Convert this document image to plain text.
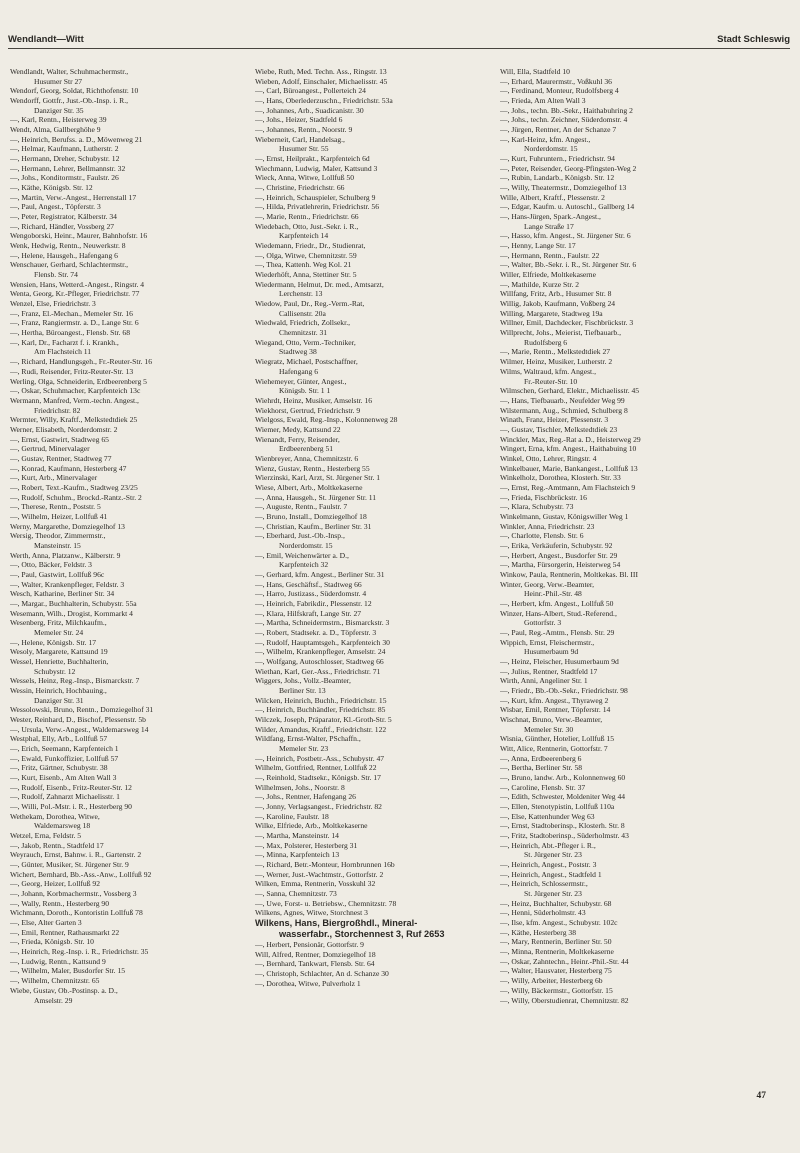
Wendlandt—Witt	Stadt Schleswig
Wendlandt, Walter, Schuhmachermstr.,
Husumer Str 27
Wendorf, Georg, Soldat, Richthofenstr. 10
Wendorff, Gottfr., Just.-Ob.-Insp. i. R.,
Danziger Str. 35
—, Karl, Rentn., Heisterweg 39
Wendt, Alma, Gallberghöhe 9
—, Heinrich, Berufss. a. D., Möwenweg 21
—, Helmar, Kaufmann, Lutherstr. 2
—, Hermann, Dreher, Schubystr. 12
—, Hermann, Lehrer, Bellmannstr. 32
—, Johs., Konditormstr., Faulstr. 26
—, Käthe, Königsb. Str. 12
—, Martin, Verw.-Angest., Herrenstall 17
—, Paul, Angest., Töpferstr. 3
—, Peter, Registrator, Kälberstr. 34
—, Richard, Händler, Vossberg 27
Wengoborski, Heinr., Maurer, Bahnhofstr. 16
Wenk, Hedwig, Rentn., Neuwerkstr. 8
—, Helene, Hausgeh., Hafengang 6
Wenschauer, Gerhard, Schlachtermstr.,
Flensb. Str. 74
Wensien, Hans, Wetterd.-Angest., Ringstr. 4
Wenta, Georg, Kr.-Pfleger, Friedrichstr. 77
Wenzel, Else, Friedrichstr. 3
—, Franz, El.-Mechan., Memeler Str. 16
—, Franz, Rangiermstr. a. D., Lange Str. 6
—, Hertha, Büroangest., Flensb. Str. 68
—, Karl, Dr., Facharzt f. i. Krankh.,
Am Flachsteich 11
—, Richard, Handlungsgeh., Fr.-Reuter-Str. 16
—, Rudi, Reisender, Fritz-Reuter-Str. 13
Werling, Olga, Schneiderin, Erdbeerenberg 5
—, Oskar, Schuhmacher, Karpfenteich 13c
Wermann, Manfred, Verm.-techn. Angest.,
Friedrichstr. 82
Wermter, Willy, Kraftf., Melkstedtdiek 25
Werner, Elisabeth, Norderdomstr. 2
—, Ernst, Gastwirt, Stadtweg 65
—, Gertrud, Minervalager
—, Gustav, Rentner, Stadtweg 77
—, Konrad, Kaufmann, Hesterberg 47
—, Kurt, Arb., Minervalager
—, Robert, Text.-Kaufm., Stadtweg 23/25
—, Rudolf, Schuhm., Brockd.-Rantz.-Str. 2
—, Therese, Rentn., Poststr. 5
—, Wilhelm, Heizer, Lollfuß 41
Werny, Margarethe, Domziegelhof 13
Wersig, Theodor, Zimmermstr.,
Mansteinstr. 15
Werth, Anna, Platzanw., Kälberstr. 9
—, Otto, Bäcker, Feldstr. 3
—, Paul, Gastwirt, Lollfuß 96c
—, Walter, Krankenpfleger, Feldstr. 3
Wesch, Katharine, Berliner Str. 34
—, Margar., Buchhalterin, Schubystr. 55a
Wesemann, Wilh., Drogist, Kornmarkt 4
Wesenberg, Fritz, Milchkaufm.,
Memeler Str. 24
—, Helene, Königsb. Str. 17
Wesoly, Margarete, Kattsund 19
Wessel, Henriette, Buchhalterin,
Schubystr. 12
Wessels, Heinz, Reg.-Insp., Bismarckstr. 7
Wessin, Heinrich, Hochbauing.,
Danziger Str. 31
Wessolowski, Bruno, Rentn., Domziegelhof 31
Wester, Reinhard, D., Bischof, Plessenstr. 5b
—, Ursula, Verw.-Angest., Waldemarsweg 14
Westphal, Elly, Arb., Lollfuß 57
—, Erich, Seemann, Karpfenteich 1
—, Ewald, Funkoffizier, Lollfuß 57
—, Fritz, Gärtner, Schubystr. 38
—, Kurt, Eisenb., Am Alten Wall 3
—, Rudolf, Eisenb., Fritz-Reuter-Str. 12
—, Rudolf, Zahnarzt Michaelisstr. 1
—, Willi, Pol.-Mstr. i. R., Hesterberg 90
Wethekam, Dorothea, Witwe,
Waldemarsweg 18
Wetzel, Erna, Feldstr. 5
—, Jakob, Rentn., Stadtfeld 17
Weyrauch, Ernst, Bahnw. i. R., Gartenstr. 2
—, Günter, Musiker, St. Jürgener Str. 9
Wichert, Bernhard, Bb.-Ass.-Anw., Lollfuß 92
—, Georg, Heizer, Lollfuß 92
—, Johann, Korbmachermstr., Vossberg 3
—, Wally, Rentn., Hesterberg 90
Wichmann, Doroth., Kontoristin Lollfuß 78
—, Else, Alter Garten 3
—, Emil, Rentner, Rathausmarkt 22
—, Frieda, Königsb. Str. 10
—, Heinrich, Reg.-Insp. i. R., Friedrichstr. 35
—, Ludwig, Rentn., Kattsund 9
—, Wilhelm, Maler, Busdorfer Str. 15
—, Wilhelm, Chemnitzstr. 65
Wiebe, Gustav, Ob.-Postinsp. a. D.,
Amselstr. 29
Wiebe, Ruth, Med. Techn. Ass., Ringstr. 13
Wieben, Adolf, Einschaler, Michaelisstr. 45
—, Carl, Büroangest., Pollerteich 24
—, Hans, Oberlederzuschn., Friedrichstr. 53a
—, Johannes, Arb., Suadicanistr. 30
—, Johs., Heizer, Stadtfeld 6
—, Johannes, Rentn., Noorstr. 9
Wieberneit, Carl, Handelsag.,
Husumer Str. 55
—, Ernst, Heilprakt., Karpfenteich 6d
Wiechmann, Ludwig, Maler, Kattsund 3
Wieck, Anna, Witwe, Lollfuß 50
—, Christine, Friedrichstr. 66
—, Heinrich, Schauspieler, Schulberg 9
—, Hilda, Privatlehrerin, Friedrichstr. 56
—, Marie, Rentn., Friedrichstr. 66
Wiedebach, Otto, Just.-Sekr. i. R.,
Karpfenteich 14
Wiedemann, Friedr., Dr., Studienrat,
—, Olga, Witwe, Chemnitzstr. 59
—, Thea, Kattenh. Weg Kol. 21
Wiederhöft, Anna, Stettiner Str. 5
Wiedermann, Helmut, Dr. med., Amtsarzt,
Lerchenstr. 13
Wiedow, Paul, Dr., Reg.-Verm.-Rat,
Callisenstr. 20a
Wiedwald, Friedrich, Zollsekr.,
Chemnitzstr. 31
Wiegand, Otto, Verm.-Techniker,
Stadtweg 38
Wiegratz, Michael, Postschaffner,
Hafengang 6
Wiehemeyer, Günter, Angest.,
Königsb. Str. 1 1
Wiehrdt, Heinz, Musiker, Amselstr. 16
Wiekhorst, Gertrud, Friedrichstr. 9
Wielgoss, Ewald, Reg.-Insp., Kolonnenweg 28
Wiemer, Medy, Kattsund 22
Wienandt, Ferry, Reisender,
Erdbeerenberg 51
Wienbreyer, Anna, Chemnitzstr. 6
Wienz, Gustav, Rentn., Hesterberg 55
Wierzinski, Karl, Arzt, St. Jürgener Str. 1
Wiese, Albert, Arb., Moltkekaserne
—, Anna, Hausgeh., St. Jürgener Str. 11
—, Auguste, Rentn., Faulstr. 7
—, Bruno, Install., Domziegelhof 18
—, Christian, Kaufm., Berliner Str. 31
—, Eberhard, Just.-Ob.-Insp.,
Norderdomstr. 15
—, Emil, Weichenwärter a. D.,
Karpfenteich 32
—, Gerhard, kfm. Angest., Berliner Str. 31
—, Hans, Geschäftsf., Stadtweg 66
—, Harro, Justizass., Süderdomstr. 4
—, Heinrich, Fabrikdir., Plessenstr. 12
—, Klara, Hilfskraft, Lange Str. 27
—, Martha, Schneidermstrn., Bismarckstr. 3
—, Robert, Stadtsekr. a. D., Töpferstr. 3
—, Rudolf, Hauptamtsgeh., Karpfenteich 30
—, Wilhelm, Krankenpfleger, Amselstr. 24
—, Wolfgang, Autoschlosser, Stadtweg 66
Wiethan, Karl, Ger.-Ass., Friedrichstr. 71
Wiggers, Johs., Vollz.-Beamter,
Berliner Str. 13
Wilcken, Heinrich, Buchh., Friedrichstr. 15
—, Heinrich, Buchhändler, Friedrichstr. 85
Wilczek, Joseph, Präparator, Kl.-Groth-Str. 5
Wilder, Amandus, Kraftf., Friedrichstr. 122
Wildfang, Ernst-Walter, PSchaffn.,
Memeler Str. 23
—, Heinrich, Postbetr.-Ass., Schubystr. 47
Wilhelm, Gottfried, Rentner, Lollfuß 22
—, Reinhold, Stadtsekr., Königsb. Str. 17
Wilhelmsen, Johs., Noorstr. 8
—, Johs., Rentner, Hafengang 26
—, Jonny, Verlagsangest., Friedrichstr. 82
—, Karoline, Faulstr. 18
Wilke, Elfriede, Arb., Moltkekaserne
—, Martha, Mansteinstr. 14
—, Max, Polsterer, Hesterberg 31
—, Minna, Karpfenteich 13
—, Richard, Betr.-Monteur, Hornbrunnen 16b
—, Werner, Just.-Wachtmstr., Gottorfstr. 2
Wilken, Emma, Rentnerin, Vosskuhl 32
—, Sanna, Chemnitzstr. 73
—, Uwe, Forst- u. Betriebsw., Chemnitzstr. 78
Wilkens, Agnes, Witwe, Storchnest 3
Wilkens, Hans, Biergroßhdl., Mineral-
wasserfabr., Storchennest 3, Ruf 2653
—, Herbert, Pensionär, Gottorfstr. 9
Will, Alfred, Rentner, Domziegelhof 18
—, Bernhard, Tankwart, Flensb. Str. 64
—, Christoph, Schlachter, An d. Schanze 30
—, Dorothea, Witwe, Pulverholz 1
Will, Ella, Stadtfeld 10
—, Erhard, Maurermstr., Voßkuhl 36
—, Ferdinand, Monteur, Rudolfsberg 4
—, Frieda, Am Alten Wall 3
—, Johs., techn. Bb.-Sekr., Haithabuhring 2
—, Johs., techn. Zeichner, Süderdomstr. 4
—, Jürgen, Rentner, An der Schanze 7
—, Karl-Heinz, kfm. Angest.,
Norderdomstr. 15
—, Kurt, Fuhruntern., Friedrichstr. 94
—, Peter, Reisender, Georg-Pfingsten-Weg 2
—, Rubin, Landarb., Königsb. Str. 12
—, Willy, Theatermstr., Domziegelhof 13
Wille, Albert, Kraftf., Plessenstr. 2
—, Edgar, Kaufm. u. Autoschl., Gallberg 14
—, Hans-Jürgen, Spark.-Angest.,
Lange Straße 17
—, Hasso, kfm. Angest., St. Jürgener Str. 6
—, Henny, Lange Str. 17
—, Hermann, Rentn., Faulstr. 22
—, Walter, Bb.-Sekr. i. R., St. Jürgener Str. 6
Willer, Elfriede, Moltkekaserne
—, Mathilde, Kurze Str. 2
Willfang, Fritz, Arb., Husumer Str. 8
Willig, Jakob, Kaufmann, Voßberg 24
Willing, Margarete, Stadtweg 19a
Willner, Emil, Dachdecker, Fischbrückstr. 3
Willprecht, Johs., Meierist, Tiefbauarb.,
Rudolfsberg 6
—, Marie, Rentn., Melkstedtdiek 27
Wilmer, Heinz, Musiker, Lutherstr. 2
Wilms, Waltraud, kfm. Angest.,
Fr.-Reuter-Str. 10
Wilmschen, Gerhard, Elektr., Michaelisstr. 45
—, Hans, Tiefbauarb., Neufelder Weg 99
Wilstermann, Aug., Schmied, Schulberg 8
Winath, Franz, Heizer, Plessenstr. 3
—, Gustav, Tischler, Melkstedtdiek 23
Winckler, Max, Reg.-Rat a. D., Heisterweg 29
Wingert, Erna, kfm. Angest., Haithabuing 10
Winkel, Otto, Lehrer, Ringstr. 4
Winkelbauer, Marie, Bankangest., Lollfuß 13
Winkelholz, Dorothea, Klosterh. Str. 33
—, Ernst, Reg.-Amtmann, Am Flachsteich 9
—, Frieda, Fischbrückstr. 16
—, Klara, Schubystr. 73
Winkelmann, Gustav, Königswiller Weg 1
Winkler, Anna, Friedrichstr. 23
—, Charlotte, Flensb. Str. 6
—, Erika, Verkäuferin, Schubystr. 92
—, Herbert, Angest., Busdorfer Str. 29
—, Martha, Fürsorgerin, Heisterweg 54
Winkow, Paula, Rentnerin, Moltkekas. Bl. III
Winter, Georg, Verw.-Beamter,
Heinr.-Phil.-Str. 48
—, Herbert, kfm. Angest., Lollfuß 50
Winzer, Hans-Albert, Stud.-Referend.,
Gottorfstr. 3
—, Paul, Reg.-Amtm., Flensb. Str. 29
Wippich, Ernst, Fleischermstr.,
Husumerbaum 9d
—, Heinz, Fleischer, Husumerbaum 9d
—, Julius, Rentner, Stadtfeld 17
Wirth, Anni, Angeliner Str. 1
—, Friedr., Bb.-Ob.-Sekr., Friedrichstr. 98
—, Kurt, kfm. Angest., Thyraweg 2
Wisbar, Emil, Rentner, Töpferstr. 14
Wischnat, Bruno, Verw.-Beamter,
Memeler Str. 30
Wisnia, Günther, Hotelier, Lollfuß 15
Witt, Alice, Rentnerin, Gottorfstr. 7
—, Anna, Erdbeerenberg 6
—, Bertha, Berliner Str. 58
—, Bruno, landw. Arb., Kolonnenweg 60
—, Caroline, Flensb. Str. 37
—, Edith, Schwester, Moldeniter Weg 44
—, Ellen, Stenotypistin, Lollfuß 110a
—, Else, Kattenhunder Weg 63
—, Ernst, Stadtoberinsp., Klosterh. Str. 8
—, Fritz, Stadtoberinsp., Süderholmstr. 43
—, Heinrich, Abt.-Pfleger i. R.,
St. Jürgener Str. 23
—, Heinrich, Angest., Poststr. 3
—, Heinrich, Angest., Stadtfeld 1
—, Heinrich, Schlossermstr.,
St. Jürgener Str. 23
—, Heinz, Buchhalter, Schubystr. 68
—, Henni, Süderholmstr. 43
—, Ilse, kfm. Angest., Schubystr. 102c
—, Käthe, Hesterberg 38
—, Mary, Rentnerin, Berliner Str. 50
—, Minna, Rentnerin, Moltkekaserne
—, Oskar, Zahntechn., Heinr.-Phil.-Str. 44
—, Walter, Hausvater, Hesterberg 75
—, Willy, Arbeiter, Hesterberg 6b
—, Willy, Bäckermstr., Gottorfstr. 15
—, Willy, Oberstudienrat, Chemnitzstr. 82
47
